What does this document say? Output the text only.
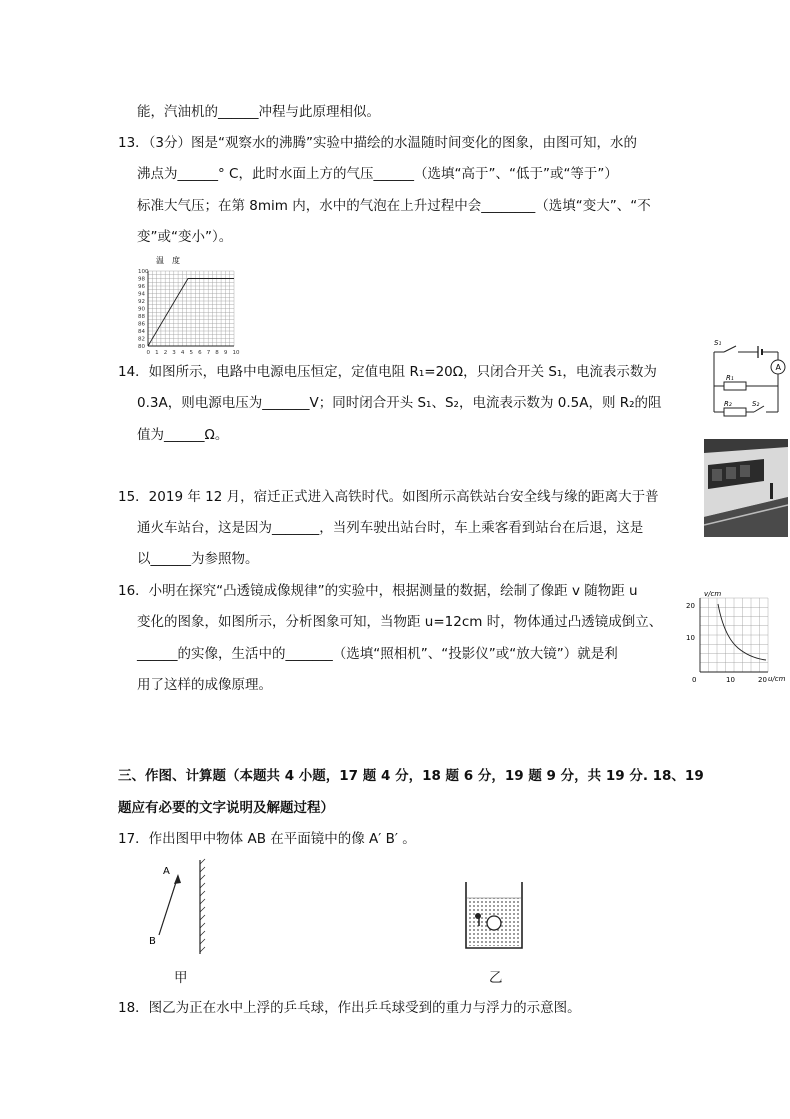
能，汽油机的______冲程与此原理相似。
13．（3分）图是“观察水的沸腾”实验中描绘的水温随时间变化的图象，由图可知，水的
沸点为______° C，此时水面上方的气压______（选填“高于”、“低于”或“等于”）
标准大气压；在第 8mim 内，水中的气泡在上升过程中会________（选填“变大”、“不
变”或“变小”）。
14．如图所示，电路中电源电压恒定，定值电阻 R₁=20Ω，只闭合开关 S₁，电流表示数为
0.3A，则电源电压为_______V；同时闭合开头 S₁、S₂，电流表示数为 0.5A，则 R₂的阻
值为______Ω。
15．2019 年 12 月，宿迁正式进入高铁时代。如图所示高铁站台安全线与缘的距离大于普
通火车站台，这是因为_______，当列车驶出站台时，车上乘客看到站台在后退，这是
以______为参照物。
16．小明在探究“凸透镜成像规律”的实验中，根据测量的数据，绘制了像距 v 随物距 u
变化的图象，如图所示，分析图象可知，当物距 u=12cm 时，物体通过凸透镜成倒立、
______的实像，生活中的_______（选填“照相机”、“投影仪”或“放大镜”）就是利
用了这样的成像原理。
三、作图、计算题（本题共 4 小题，17 题 4 分，18 题 6 分，19 题 9 分，共 19 分. 18、19
题应有必要的文字说明及解题过程）
17．作出图甲中物体 AB 在平面镜中的像 A′ B′ 。
18．图乙为正在水中上浮的乒乓球，作出乒乓球受到的重力与浮力的示意图。
温　度
100
98
96
94
92
90
88
86
84
82
80
0 1 2 3 4 5 6 7 8 9 10
A
S₁
R₁
R₂	S₂
v/cm
u/cm
20
10
0	10	20
A
B
甲	乙
